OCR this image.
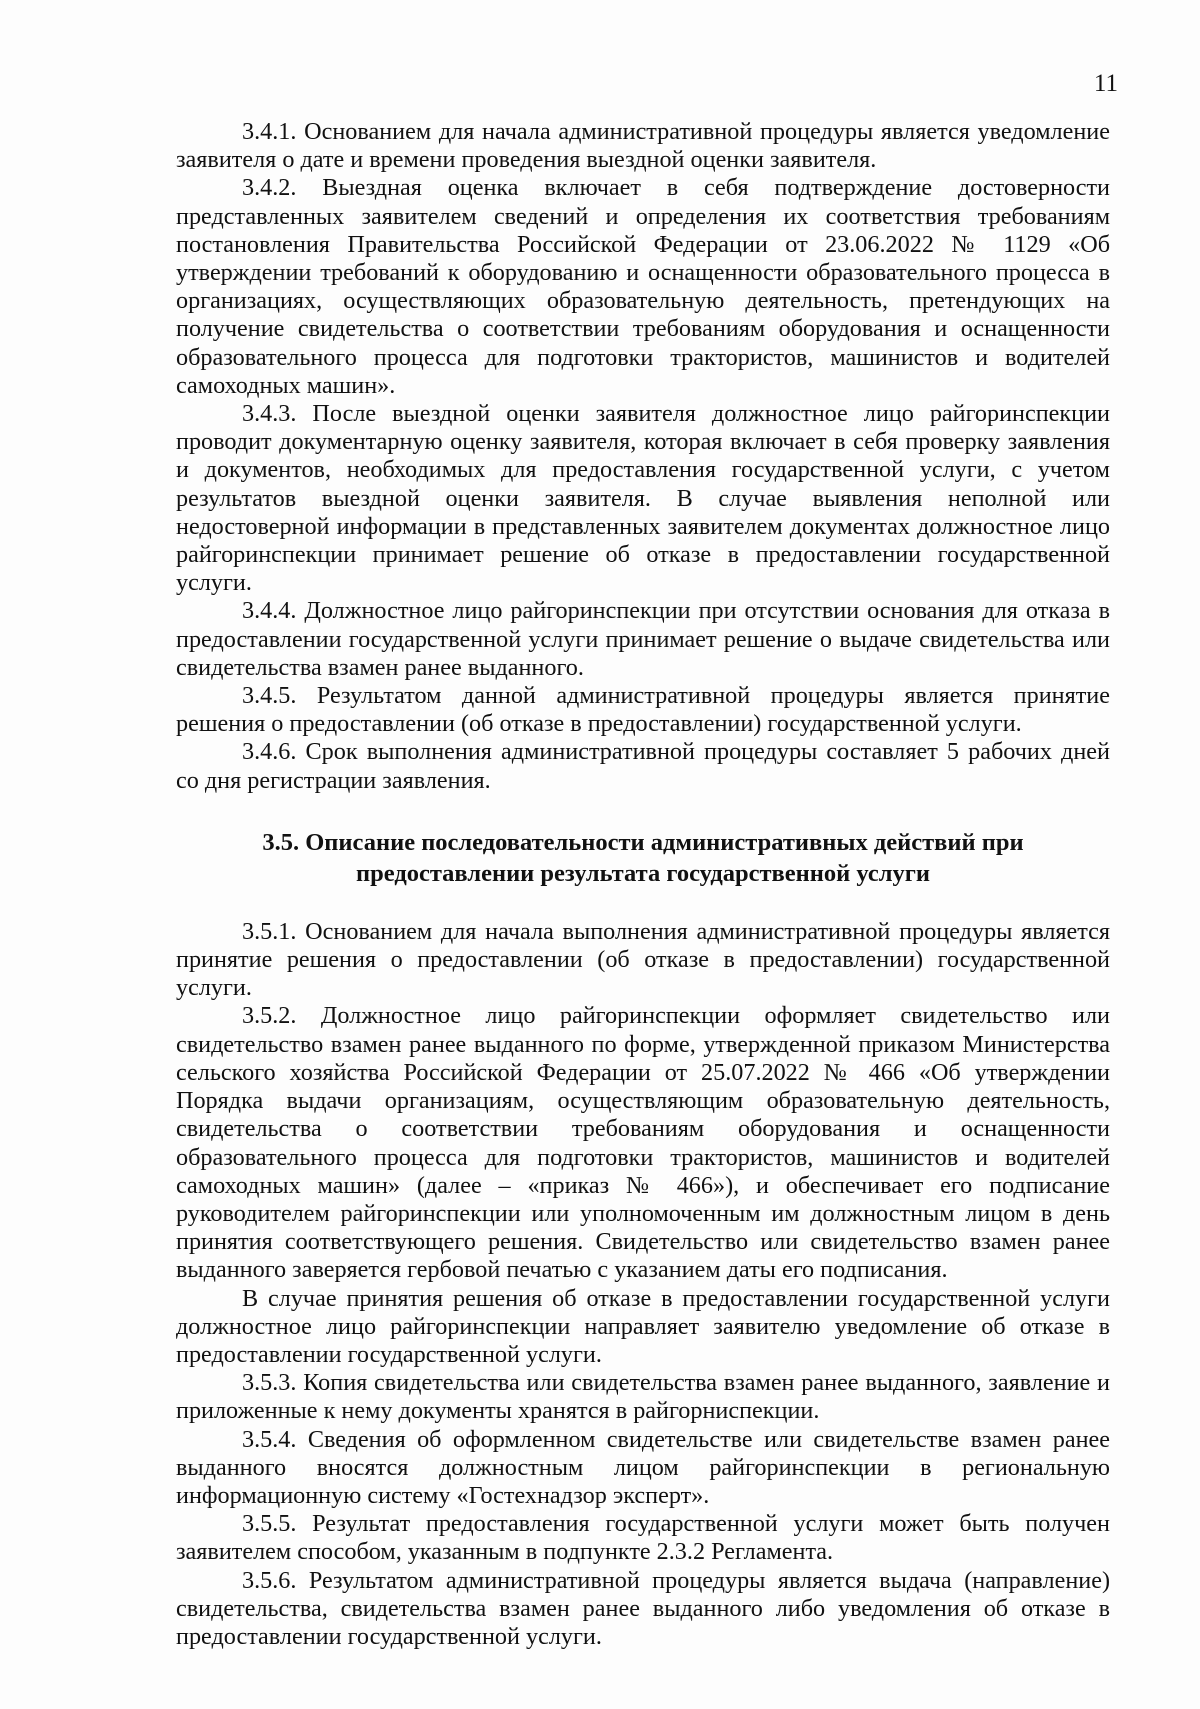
11

3.4.1. Основанием для начала административной процедуры является уведомление заявителя о дате и времени проведения выездной оценки заявителя.

3.4.2. Выездная оценка включает в себя подтверждение достоверности представленных заявителем сведений и определения их соответствия требованиям постановления Правительства Российской Федерации от 23.06.2022 № 1129 «Об утверждении требований к оборудованию и оснащенности образовательного процесса в организациях, осуществляющих образовательную деятельность, претендующих на получение свидетельства о соответствии требованиям оборудования и оснащенности образовательного процесса для подготовки трактористов, машинистов и водителей самоходных машин».

3.4.3. После выездной оценки заявителя должностное лицо райгоринспекции проводит документарную оценку заявителя, которая включает в себя проверку заявления и документов, необходимых для предоставления государственной услуги, с учетом результатов выездной оценки заявителя. В случае выявления неполной или недостоверной информации в представленных заявителем документах должностное лицо райгоринспекции принимает решение об отказе в предоставлении государственной услуги.

3.4.4. Должностное лицо райгоринспекции при отсутствии основания для отказа в предоставлении государственной услуги принимает решение о выдаче свидетельства или свидетельства взамен ранее выданного.

3.4.5. Результатом данной административной процедуры является принятие решения о предоставлении (об отказе в предоставлении) государственной услуги.

3.4.6. Срок выполнения административной процедуры составляет 5 рабочих дней со дня регистрации заявления.

3.5. Описание последовательности административных действий при
предоставлении результата государственной услуги

3.5.1. Основанием для начала выполнения административной процедуры является принятие решения о предоставлении (об отказе в предоставлении) государственной услуги.

3.5.2. Должностное лицо райгоринспекции оформляет свидетельство или свидетельство взамен ранее выданного по форме, утвержденной приказом Министерства сельского хозяйства Российской Федерации от 25.07.2022 № 466 «Об утверждении Порядка выдачи организациям, осуществляющим образовательную деятельность, свидетельства о соответствии требованиям оборудования и оснащенности образовательного процесса для подготовки трактористов, машинистов и водителей самоходных машин» (далее – «приказ № 466»), и обеспечивает его подписание руководителем райгоринспекции или уполномоченным им должностным лицом в день принятия соответствующего решения. Свидетельство или свидетельство взамен ранее выданного заверяется гербовой печатью с указанием даты его подписания.

В случае принятия решения об отказе в предоставлении государственной услуги должностное лицо райгоринспекции направляет заявителю уведомление об отказе в предоставлении государственной услуги.

3.5.3. Копия свидетельства или свидетельства взамен ранее выданного, заявление и приложенные к нему документы хранятся в райгорниспекции.

3.5.4. Сведения об оформленном свидетельстве или свидетельстве взамен ранее выданного вносятся должностным лицом райгоринспекции в региональную информационную систему «Гостехнадзор эксперт».

3.5.5. Результат предоставления государственной услуги может быть получен заявителем способом, указанным в подпункте 2.3.2 Регламента.

3.5.6. Результатом административной процедуры является выдача (направление) свидетельства, свидетельства взамен ранее выданного либо уведомления об отказе в предоставлении государственной услуги.
